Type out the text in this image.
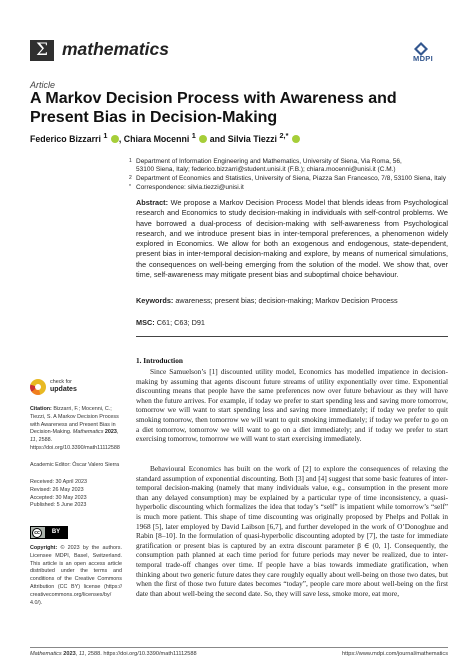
Σ mathematics	MDPI
Article
A Markov Decision Process with Awareness and Present Bias in Decision-Making
Federico Bizzarri $^1$ , Chiara Mocenni $^1$  and Silvia Tiezzi $^{2,*}$
1 Department of Information Engineering and Mathematics, University of Siena, Via Roma, 56,
53100 Siena, Italy; federico.bizzarri@student.unisi.it (F.B.); chiara.mocenni@unisi.it (C.M.)
2 Department of Economics and Statistics, University of Siena, Piazza San Francesco, 7/8, 53100 Siena, Italy
* Correspondence: silvia.tiezzi@unisi.it
Abstract: We propose a Markov Decision Process Model that blends ideas from Psychological research and Economics to study decision-making in individuals with self-control problems. We have borrowed a dual-process of decision-making with self-awareness from Psychological research, and we introduce present bias in inter-temporal preferences, a phenomenon widely explored in Economics. We allow for both an exogenous and endogenous, state-dependent, present bias in inter-temporal decision-making and explore, by means of numerical simulations, the consequences on well-being emerging from the solution of the model. We show that, over time, self-awareness may mitigate present bias and suboptimal choice behaviour.
Keywords: awareness; present bias; decision-making; Markov Decision Process
MSC: C61; C63; D91
1. Introduction
Since Samuelson’s [1] discounted utility model, Economics has modelled impatience in decision-making by assuming that agents discount future streams of utility exponentially over time. Exponential discounting means that people have the same preferences now over future behaviour as they will have when the future arrives. For example, if today we prefer to start spending less and saving more tomorrow, tomorrow we will want to start spending less and saving more immediately; if today we prefer to quit smoking tomorrow, then tomorrow we will want to quit smoking immediately; if today we prefer to go on a diet tomorrow, tomorrow we will want to go on a diet immediately; and if today we prefer to start exercising tomorrow, tomorrow we will want to start exercising immediately.
Behavioural Economics has built on the work of [2] to explore the consequences of relaxing the standard assumption of exponential discounting. Both [3] and [4] suggest that some basic features of inter-temporal decision-making (namely that many individuals value, e.g., consumption in the present more than any delayed consumption) may be explained by a particular type of time inconsistency, a quasi-hyperbolic discounting which formalizes the idea that today’s “self” is impatient while tomorrow’s “self” is much more patient. This shape of time discounting was originally proposed by Phelps and Pollak in 1968 [5], later employed by David Laibson [6,7], and further developed in the work of O’Donoghue and Rabin [8–10]. In the formulation of quasi-hyperbolic discounting adopted by [7], the taste for immediate gratification or present bias is captured by an extra discount parameter β ∈ (0, 1]. Consequently, the consumption path planned at each time period for future periods may never be realized, due to inter-temporal trade-off changes over time. If people have a bias towards immediate gratification, when thinking about two generic future dates they care roughly equally about well-being on those two dates, but when the first of those two future dates becomes “today”, people care more about well-being on the first date than about well-being the second date. So, they will save less, smoke more, eat more,
check for
updates
Citation: Bizzarri, F.; Mocenni, C.; Tiezzi, S. A Markov Decision Process with Awareness and Present Bias in Decision-Making. Mathematics 2023, 11, 2588. https://doi.org/10.3390/math11112588
Academic Editor: Óscar Valero Sierra
Received: 30 April 2023
Revised: 26 May 2023
Accepted: 30 May 2023
Published: 5 June 2023
cc	BY
Copyright: © 2023 by the authors. Licensee MDPI, Basel, Switzerland. This article is an open access article distributed under the terms and conditions of the Creative Commons Attribution (CC BY) license (https:// creativecommons.org/licenses/by/ 4.0/).
Mathematics 2023, 11, 2588. https://doi.org/10.3390/math11112588	https://www.mdpi.com/journal/mathematics
